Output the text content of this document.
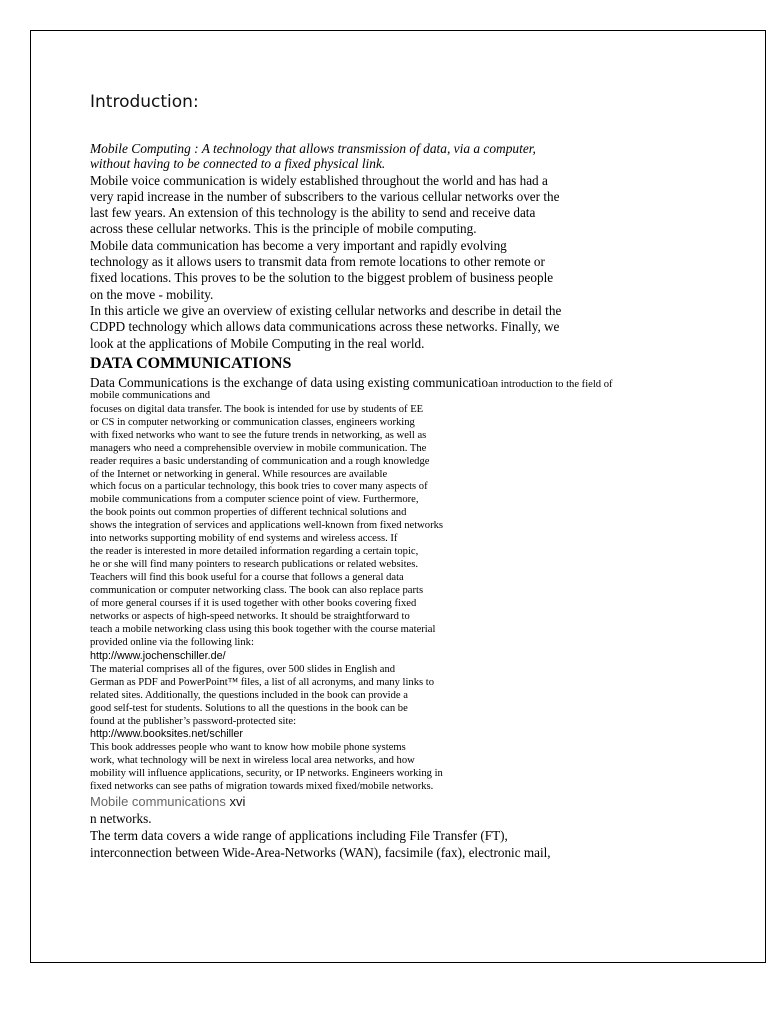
Introduction:
Mobile Computing : A technology that allows transmission of data, via a computer,
without having to be connected to a fixed physical link.
Mobile voice communication is widely established throughout the world and has had a
very rapid increase in the number of subscribers to the various cellular networks over the
last few years. An extension of this technology is the ability to send and receive data
across these cellular networks. This is the principle of mobile computing.
Mobile data communication has become a very important and rapidly evolving
technology as it allows users to transmit data from remote locations to other remote or
fixed locations. This proves to be the solution to the biggest problem of business people
on the move - mobility.
In this article we give an overview of existing cellular networks and describe in detail the
CDPD technology which allows data communications across these networks. Finally, we
look at the applications of Mobile Computing in the real world.
DATA COMMUNICATIONS
Data Communications is the exchange of data using existing communicatioan introduction to the field of
mobile communications and
focuses on digital data transfer. The book is intended for use by students of EE
or CS in computer networking or communication classes, engineers working
with fixed networks who want to see the future trends in networking, as well as
managers who need a comprehensible overview in mobile communication. The
reader requires a basic understanding of communication and a rough knowledge
of the Internet or networking in general. While resources are available
which focus on a particular technology, this book tries to cover many aspects of
mobile communications from a computer science point of view. Furthermore,
the book points out common properties of different technical solutions and
shows the integration of services and applications well-known from fixed networks
into networks supporting mobility of end systems and wireless access. If
the reader is interested in more detailed information regarding a certain topic,
he or she will find many pointers to research publications or related websites.
Teachers will find this book useful for a course that follows a general data
communication or computer networking class. The book can also replace parts
of more general courses if it is used together with other books covering fixed
networks or aspects of high-speed networks. It should be straightforward to
teach a mobile networking class using this book together with the course material
provided online via the following link:
http://www.jochenschiller.de/
The material comprises all of the figures, over 500 slides in English and
German as PDF and PowerPoint™ files, a list of all acronyms, and many links to
related sites. Additionally, the questions included in the book can provide a
good self-test for students. Solutions to all the questions in the book can be
found at the publisher’s password-protected site:
http://www.booksites.net/schiller
This book addresses people who want to know how mobile phone systems
work, what technology will be next in wireless local area networks, and how
mobility will influence applications, security, or IP networks. Engineers working in
fixed networks can see paths of migration towards mixed fixed/mobile networks.
Mobile communications xvi
n networks.
The term data covers a wide range of applications including File Transfer (FT),
interconnection between Wide-Area-Networks (WAN), facsimile (fax), electronic mail,
